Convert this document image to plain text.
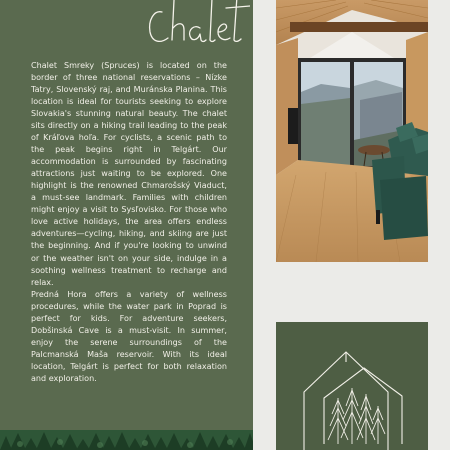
Chalet Smreky (Spruces) is located on the border of three national reservations – Nízke Tatry, Slovenský raj, and Muránska Planina. This location is ideal for tourists seeking to explore Slovakia's stunning natural beauty. The chalet sits directly on a hiking trail leading to the peak of Kráľova hoľa. For cyclists, a scenic path to the peak begins right in Telgárt. Our accommodation is surrounded by fascinating attractions just waiting to be explored. One highlight is the renowned Chmarošský Viaduct, a must-see landmark. Families with children might enjoy a visit to Sysľovisko. For those who love active holidays, the area offers endless adventures—cycling, hiking, and skiing are just the beginning. And if you're looking to unwind or the weather isn't on your side, indulge in a soothing wellness treatment to recharge and relax.

Predná Hora offers a variety of wellness procedures, while the water park in Poprad is perfect for kids. For adventure seekers, Dobšinská Cave is a must-visit. In summer, enjoy the serene surroundings of the Palcmanská Maša reservoir. With its ideal location, Telgárt is perfect for both relaxation and exploration.
